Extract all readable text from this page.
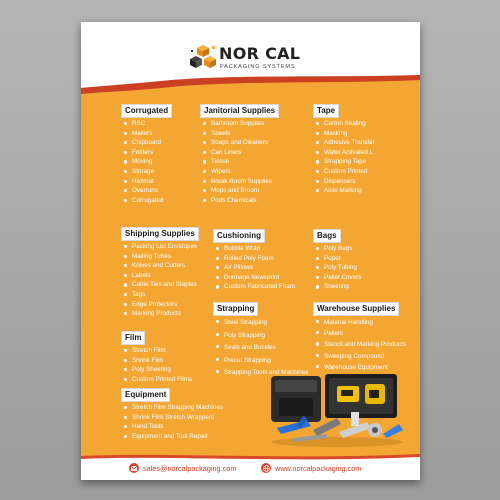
NOR CAL
PACKAGING SYSTEMS
Corrugated
RSC
Mailers
Chipboard
Folders
Moving
Storage
Hazmat
Overruns
Corrugated
Shipping Supplies
Packing List Envelopes
Mailing Tubes
Knives and Cutters
Labels
Cable Ties and Staples
Tags
Edge Protectors
Marking Products
Film
Stretch Film
Shrink Film
Poly Sheeting
Custom Printed Films
Equipment
Stretch Film Strapping Machines
Shrink Film Stretch Wrappers
Hand Tools
Equipment and Tool Repair
Janitorial Supplies
Bathroom Supplies
Towels
Soaps and Cleaners
Can Liners
Tissue
Wipers
Break Room Supplies
Mops and Broom
Pods Chemicals
Cushioning
Bubble Wrap
Rolled Poly Foam
Air Pillows
Dunnage Newsprint
Custom Fabricated Foam
Strapping
Steel Strapping
Poly Strapping
Seals and Buckles
Precut Strapping
Strapping Tools and Machines
Tape
Carton Sealing
Masking
Adhesive Transfer
Water Activated L
Strapping Tape
Custom Printed
Dispensers
Aisle Marking
Bags
Poly Bags
Poper
Poly Tubing
Pallet Covers
Sheeting
Warehouse Supplies
Material Handling
Pallets
Stencil and Marking Products
Sweeping Compound
Warehouse Equipment
sales@norcalpackaging.com	www.norcalpackaging.com
